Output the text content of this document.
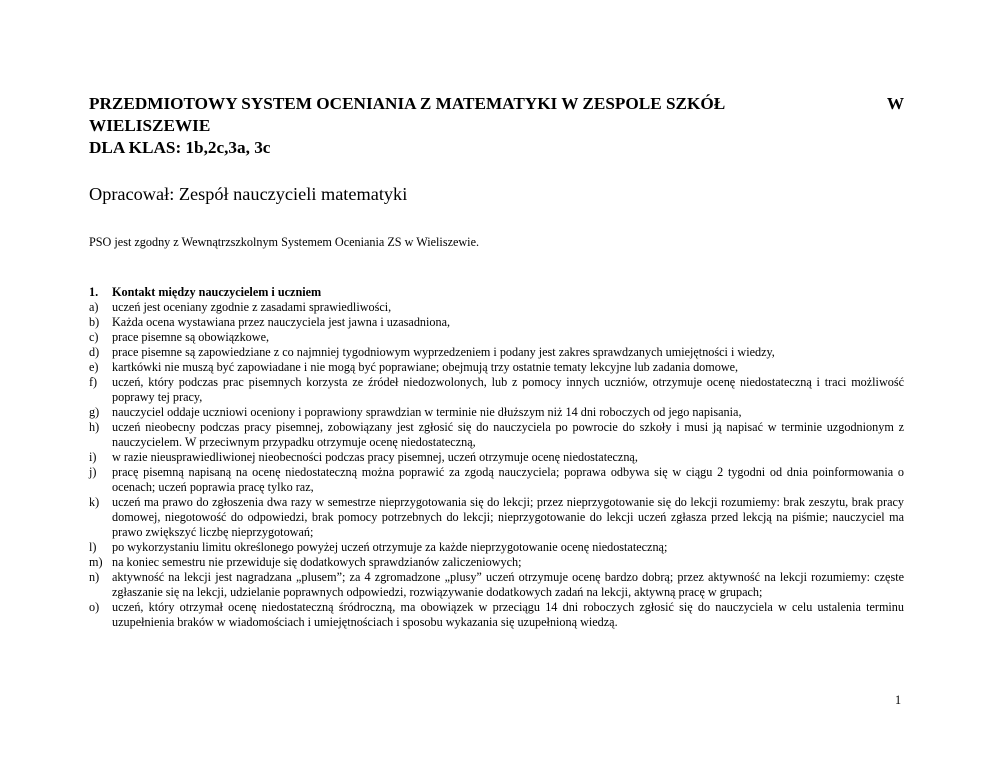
PRZEDMIOTOWY SYSTEM OCENIANIA Z MATEMATYKI W ZESPOLE SZKÓŁ	W
WIELISZEWIE
DLA KLAS: 1b,2c,3a, 3c
Opracował: Zespół nauczycieli matematyki
PSO jest zgodny z Wewnątrzszkolnym Systemem Oceniania ZS w Wieliszewie.
1.	Kontakt między nauczycielem i uczniem
a)	uczeń jest oceniany zgodnie z zasadami sprawiedliwości,
b)	Każda ocena wystawiana przez nauczyciela jest jawna i uzasadniona,
c)	prace pisemne są obowiązkowe,
d)	prace pisemne są zapowiedziane z co najmniej tygodniowym wyprzedzeniem i podany jest zakres sprawdzanych umiejętności i wiedzy,
e)	kartkówki nie muszą być zapowiadane i nie mogą być poprawiane; obejmują trzy ostatnie tematy lekcyjne lub zadania domowe,
f)	uczeń, który podczas prac pisemnych korzysta ze źródeł niedozwolonych, lub z pomocy innych uczniów, otrzymuje ocenę niedostateczną i traci możliwość poprawy tej pracy,
g)	nauczyciel oddaje uczniowi oceniony i poprawiony sprawdzian w terminie nie dłuższym niż 14 dni roboczych od jego napisania,
h)	uczeń nieobecny podczas pracy pisemnej, zobowiązany jest zgłosić się do nauczyciela po powrocie do szkoły i musi ją napisać w terminie uzgodnionym z nauczycielem. W przeciwnym przypadku otrzymuje ocenę niedostateczną,
i)	w razie nieusprawiedliwionej nieobecności podczas pracy pisemnej, uczeń otrzymuje ocenę niedostateczną,
j)	pracę pisemną napisaną na ocenę niedostateczną można poprawić za zgodą nauczyciela; poprawa odbywa się w ciągu 2 tygodni od dnia poinformowania o ocenach; uczeń poprawia pracę tylko raz,
k)	uczeń ma prawo do zgłoszenia dwa razy w semestrze nieprzygotowania się do lekcji; przez nieprzygotowanie się do lekcji rozumiemy: brak zeszytu, brak pracy domowej, niegotowość do odpowiedzi, brak pomocy potrzebnych do lekcji; nieprzygotowanie do lekcji uczeń zgłasza przed lekcją na piśmie; nauczyciel ma prawo zwiększyć liczbę nieprzygotowań;
l)	po wykorzystaniu limitu określonego powyżej uczeń otrzymuje za każde nieprzygotowanie ocenę niedostateczną;
m) na koniec semestru nie przewiduje się dodatkowych sprawdzianów zaliczeniowych;
n)	aktywność na lekcji jest nagradzana „plusem”; za 4 zgromadzone „plusy” uczeń otrzymuje ocenę bardzo dobrą; przez aktywność na lekcji rozumiemy: częste zgłaszanie się na lekcji, udzielanie poprawnych odpowiedzi, rozwiązywanie dodatkowych zadań na lekcji, aktywną pracę w grupach;
o)	uczeń, który otrzymał ocenę niedostateczną śródroczną, ma obowiązek w przeciągu 14 dni roboczych zgłosić się do nauczyciela w celu ustalenia terminu uzupełnienia braków w wiadomościach i umiejętnościach i sposobu wykazania się uzupełnioną wiedzą.
1
